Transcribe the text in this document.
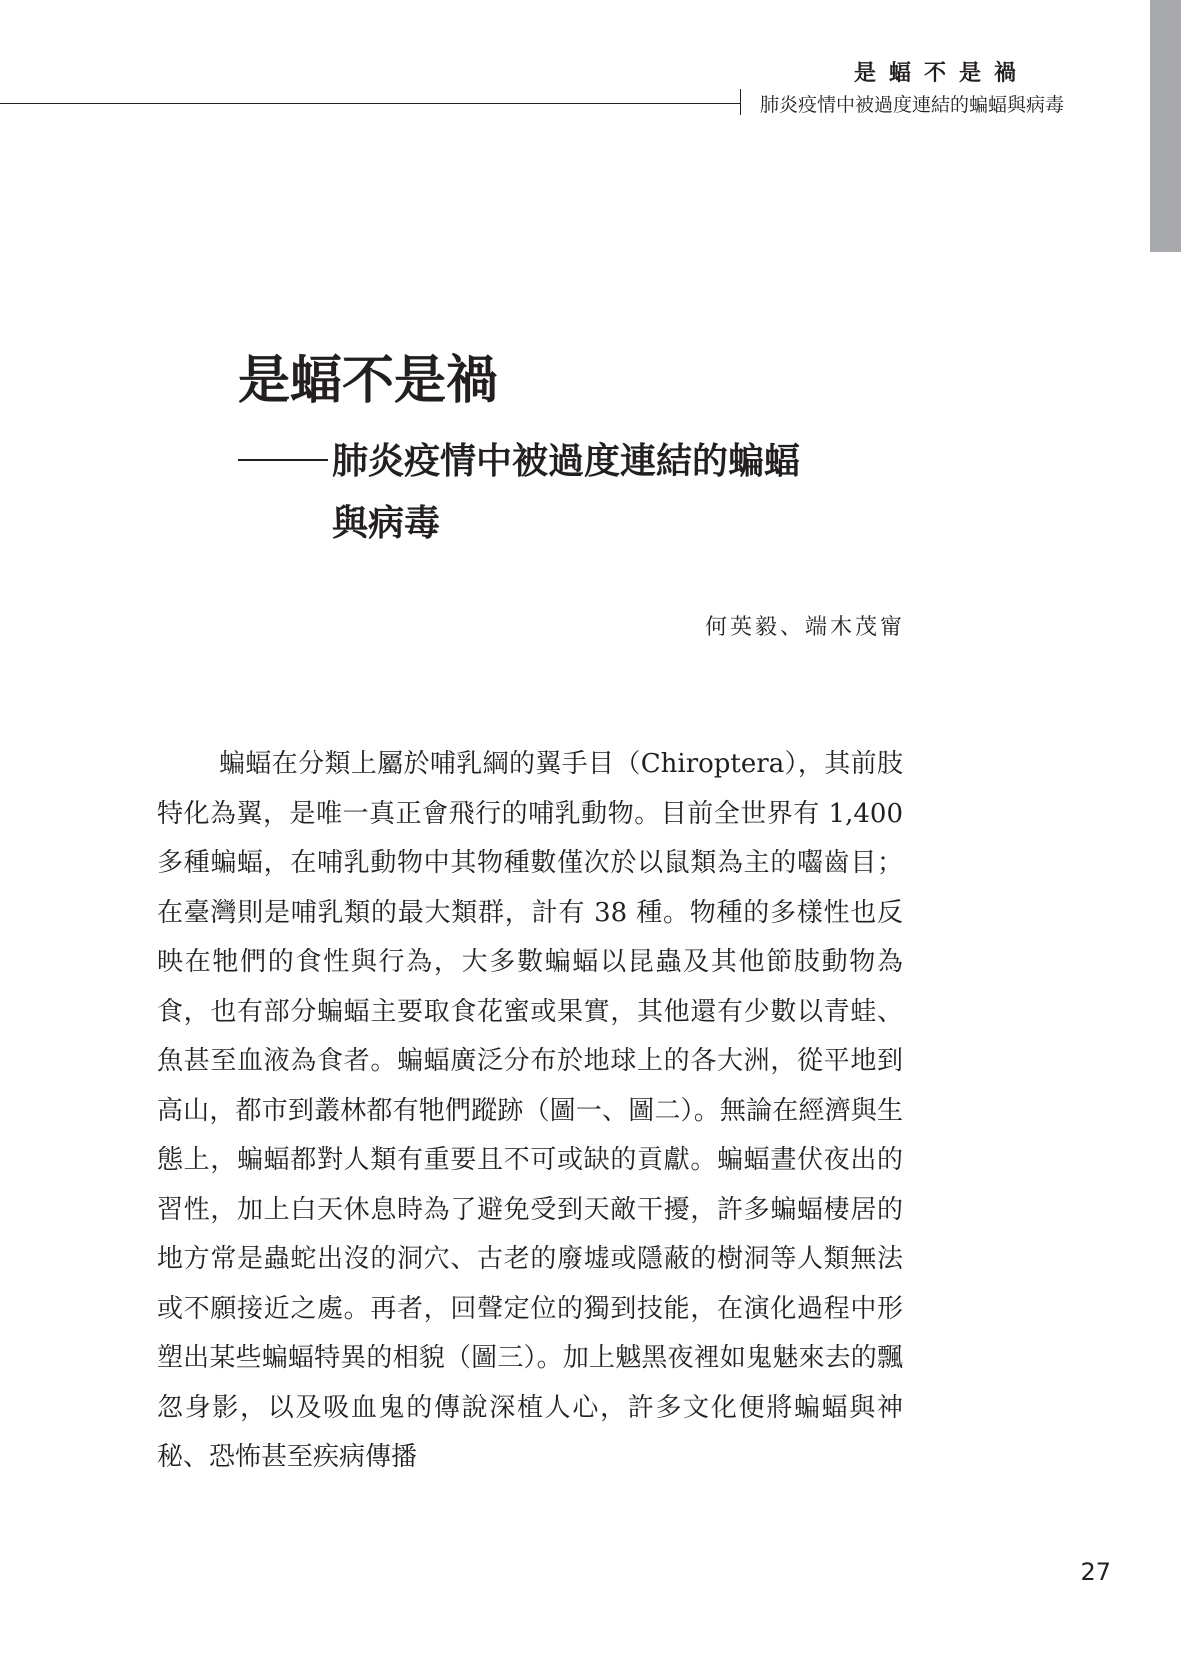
是蝠不是禍
肺炎疫情中被過度連結的蝙蝠與病毒
是蝠不是禍
肺炎疫情中被過度連結的蝙蝠
與病毒
何英毅、端木茂甯

蝙蝠在分類上屬於哺乳綱的翼手目（Chiroptera），其前肢特化為翼，是唯一真正會飛行的哺乳動物。目前全世界有 1,400 多種蝙蝠，在哺乳動物中其物種數僅次於以鼠類為主的囓齒目；在臺灣則是哺乳類的最大類群，計有 38 種。物種的多樣性也反映在牠們的食性與行為，大多數蝙蝠以昆蟲及其他節肢動物為食，也有部分蝙蝠主要取食花蜜或果實，其他還有少數以青蛙、魚甚至血液為食者。蝙蝠廣泛分布於地球上的各大洲，從平地到高山，都市到叢林都有牠們蹤跡（圖一、圖二）。無論在經濟與生態上，蝙蝠都對人類有重要且不可或缺的貢獻。蝙蝠晝伏夜出的習性，加上白天休息時為了避免受到天敵干擾，許多蝙蝠棲居的地方常是蟲蛇出沒的洞穴、古老的廢墟或隱蔽的樹洞等人類無法或不願接近之處。再者，回聲定位的獨到技能，在演化過程中形塑出某些蝙蝠特異的相貌（圖三）。加上魆黑夜裡如鬼魅來去的飄忽身影，以及吸血鬼的傳說深植人心，許多文化便將蝙蝠與神秘、恐怖甚至疾病傳播

27
